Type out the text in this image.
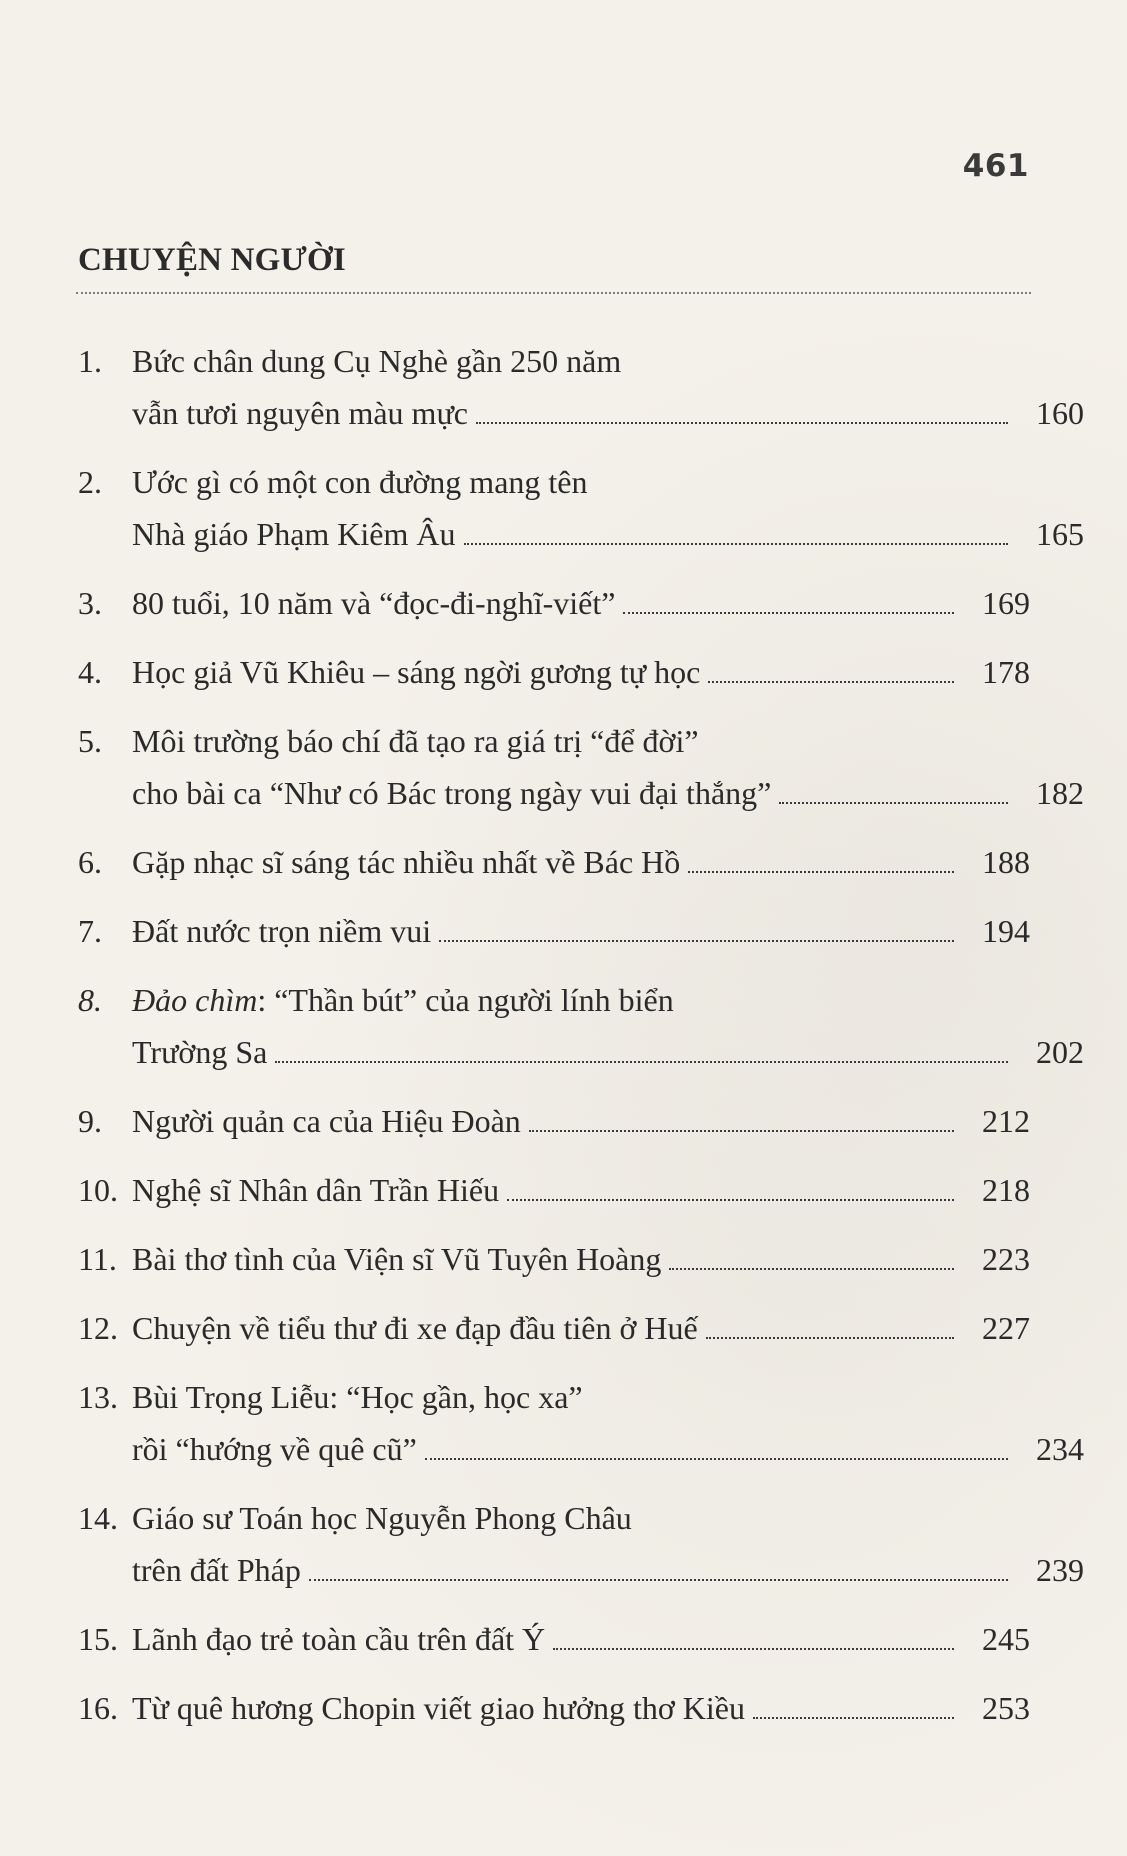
461
CHUYỆN NGƯỜI
1. Bức chân dung Cụ Nghè gần 250 năm
vẫn tươi nguyên màu mực	160
2. Ước gì có một con đường mang tên
Nhà giáo Phạm Kiêm Âu	165
3. 80 tuổi, 10 năm và “đọc-đi-nghĩ-viết”	169
4. Học giả Vũ Khiêu – sáng ngời gương tự học	178
5. Môi trường báo chí đã tạo ra giá trị “để đời”
cho bài ca “Như có Bác trong ngày vui đại thắng”	182
6. Gặp nhạc sĩ sáng tác nhiều nhất về Bác Hồ	188
7. Đất nước trọn niềm vui	194
8. Đảo chìm : “Thần bút” của người lính biển
Trường Sa	202
9. Người quản ca của Hiệu Đoàn	212
10. Nghệ sĩ Nhân dân Trần Hiếu	218
11. Bài thơ tình của Viện sĩ Vũ Tuyên Hoàng	223
12. Chuyện về tiểu thư đi xe đạp đầu tiên ở Huế	227
13. Bùi Trọng Liễu: “Học gần, học xa”
rồi “hướng về quê cũ”	234
14. Giáo sư Toán học Nguyễn Phong Châu
trên đất Pháp	239
15. Lãnh đạo trẻ toàn cầu trên đất Ý	245
16. Từ quê hương Chopin viết giao hưởng thơ Kiều	253
